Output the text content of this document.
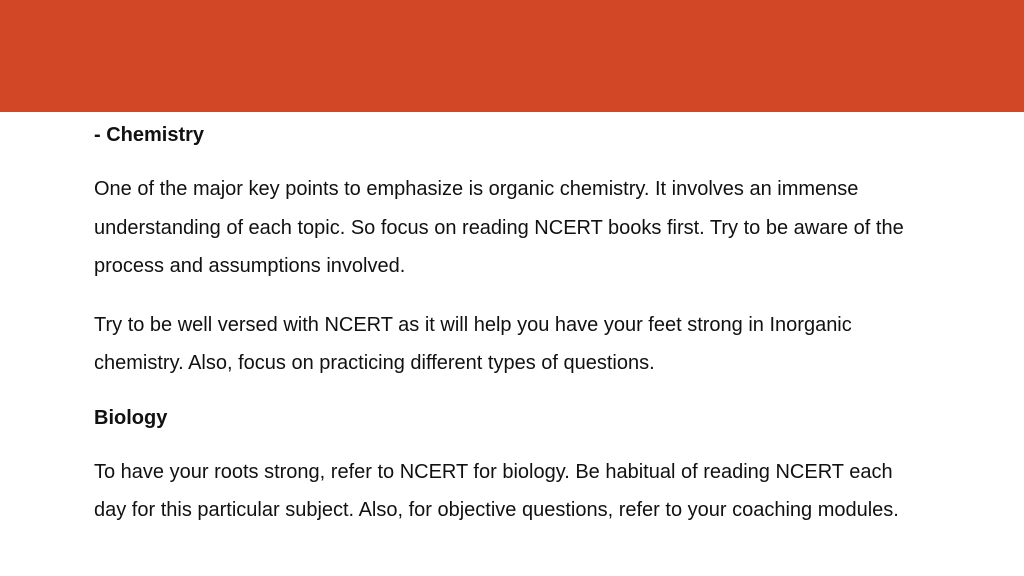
- Chemistry
One of the major key points to emphasize is organic chemistry. It involves an immense understanding of each topic. So focus on reading NCERT books first. Try to be aware of the process and assumptions involved.
Try to be well versed with NCERT as it will help you have your feet strong in Inorganic chemistry. Also, focus on practicing different types of questions.
Biology
To have your roots strong, refer to NCERT for biology. Be habitual of reading NCERT each day for this particular subject. Also, for objective questions, refer to your coaching modules.
